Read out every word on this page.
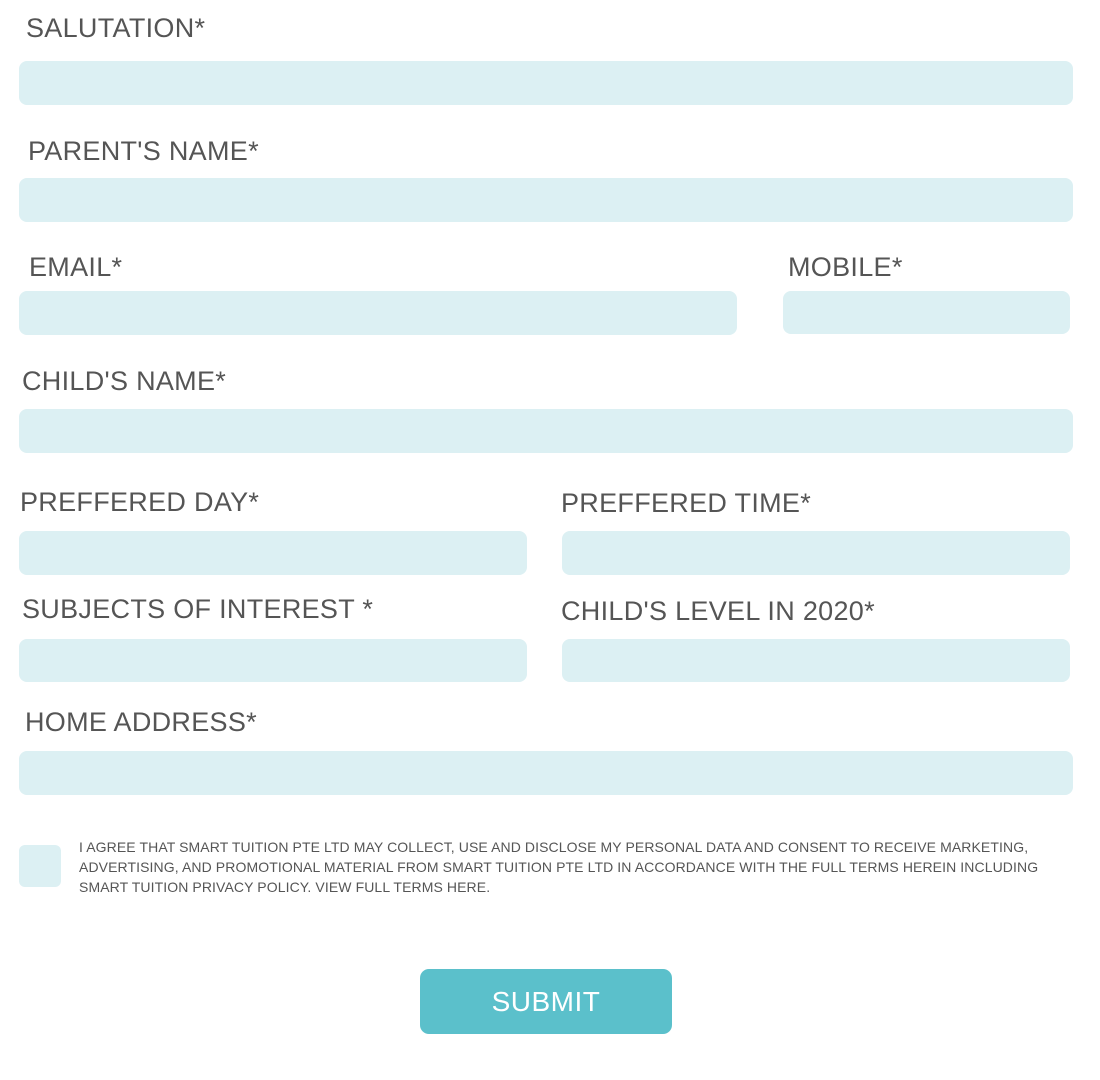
SALUTATION*
PARENT'S NAME*
EMAIL*	MOBILE*
CHILD'S NAME*
PREFFERED DAY*	PREFFERED TIME*
SUBJECTS OF INTEREST *	CHILD'S LEVEL IN 2020*
HOME ADDRESS*
I AGREE THAT SMART TUITION PTE LTD MAY COLLECT, USE AND DISCLOSE MY PERSONAL DATA AND CONSENT TO RECEIVE MARKETING, ADVERTISING, AND PROMOTIONAL MATERIAL FROM SMART TUITION PTE LTD IN ACCORDANCE WITH THE FULL TERMS HEREIN INCLUDING SMART TUITION PRIVACY POLICY. VIEW FULL TERMS HERE.
SUBMIT
